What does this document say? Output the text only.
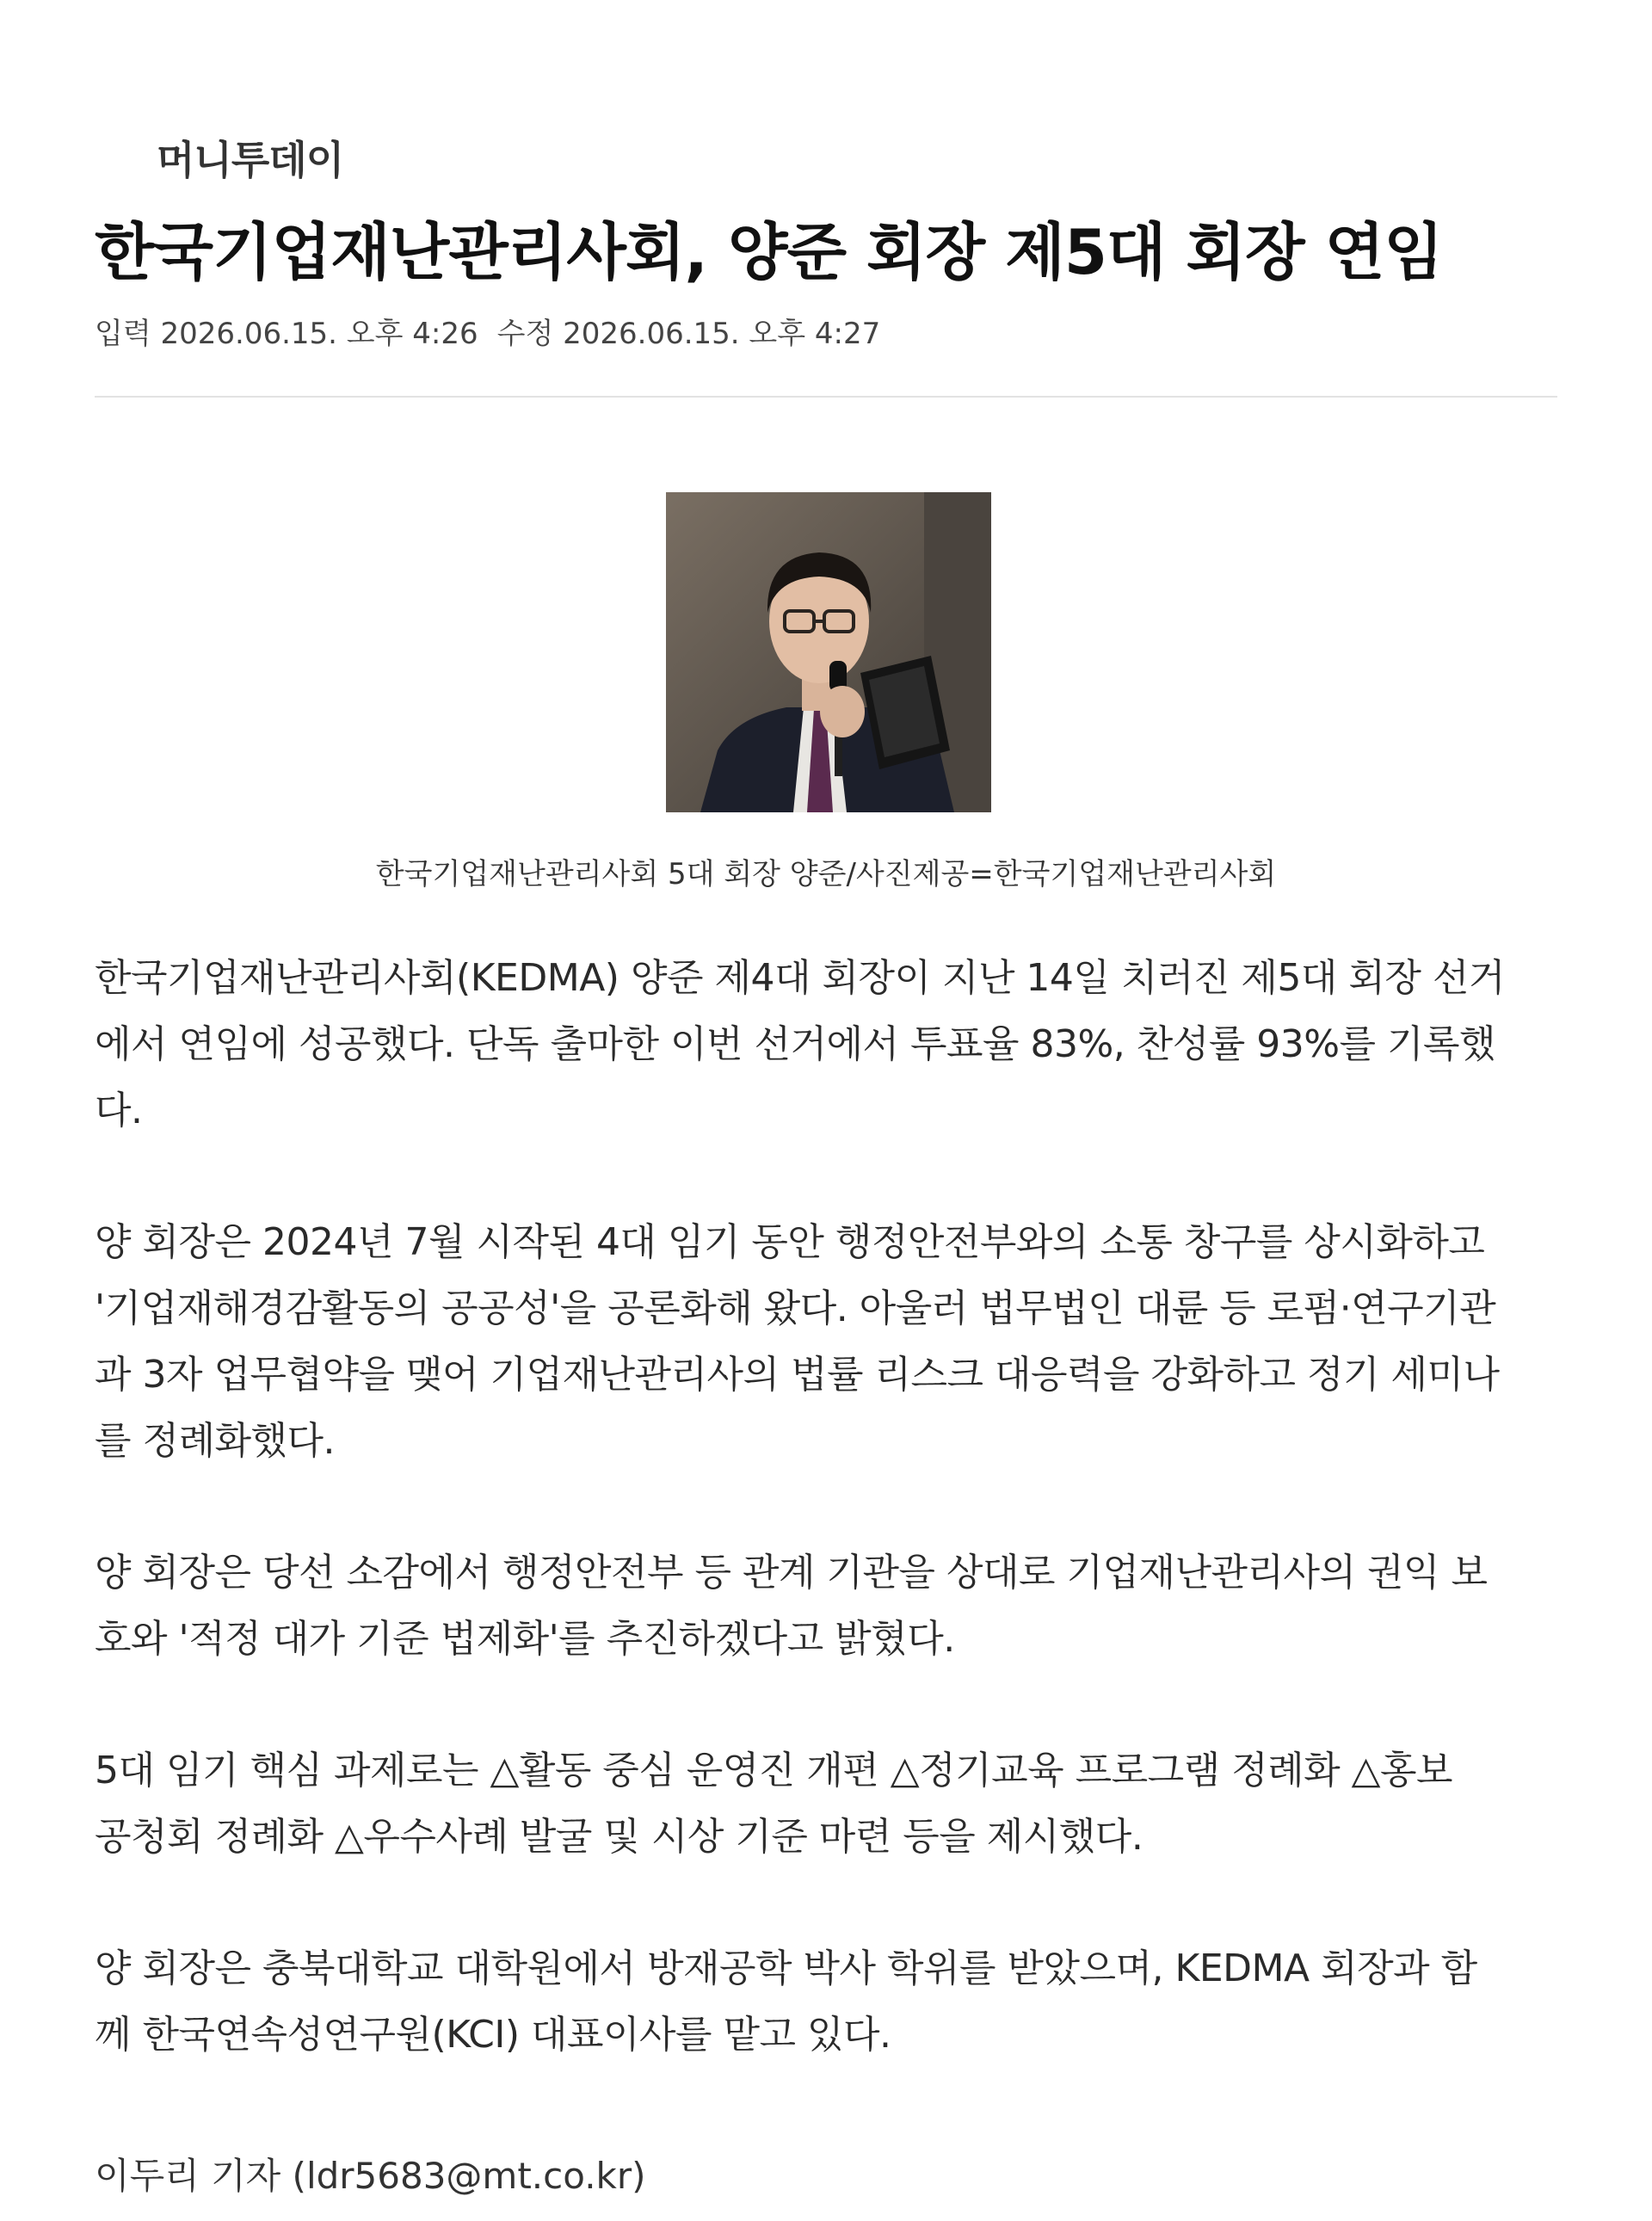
머니투데이
한국기업재난관리사회, 양준 회장 제5대 회장 연임
입력 2026.06.15. 오후 4:26 수정 2026.06.15. 오후 4:27
한국기업재난관리사회 5대 회장 양준/사진제공=한국기업재난관리사회

한국기업재난관리사회(KEDMA) 양준 제4대 회장이 지난 14일 치러진 제5대 회장 선거
에서 연임에 성공했다. 단독 출마한 이번 선거에서 투표율 83%, 찬성률 93%를 기록했
다.

양 회장은 2024년 7월 시작된 4대 임기 동안 행정안전부와의 소통 창구를 상시화하고
'기업재해경감활동의 공공성'을 공론화해 왔다. 아울러 법무법인 대륜 등 로펌·연구기관
과 3자 업무협약을 맺어 기업재난관리사의 법률 리스크 대응력을 강화하고 정기 세미나
를 정례화했다.

양 회장은 당선 소감에서 행정안전부 등 관계 기관을 상대로 기업재난관리사의 권익 보
호와 '적정 대가 기준 법제화'를 추진하겠다고 밝혔다.

5대 임기 핵심 과제로는 △활동 중심 운영진 개편 △정기교육 프로그램 정례화 △홍보
공청회 정례화 △우수사례 발굴 및 시상 기준 마련 등을 제시했다.

양 회장은 충북대학교 대학원에서 방재공학 박사 학위를 받았으며, KEDMA 회장과 함
께 한국연속성연구원(KCI) 대표이사를 맡고 있다.

이두리 기자 (ldr5683@mt.co.kr)
